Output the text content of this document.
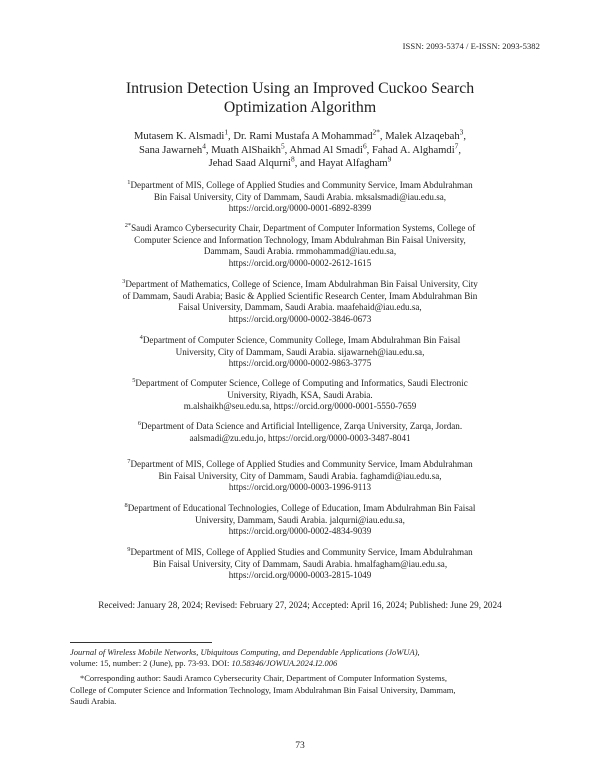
ISSN: 2093-5374 / E-ISSN: 2093-5382
Intrusion Detection Using an Improved Cuckoo Search
Optimization Algorithm
Mutasem K. Alsmadi$^1$, Dr. Rami Mustafa A Mohammad$^{2*}$, Malek Alzaqebah$^3$,
Sana Jawarneh$^4$, Muath AlShaikh$^5$, Ahmad Al Smadi$^6$, Fahad A. Alghamdi$^7$,
Jehad Saad Alqurni$^8$, and Hayat Alfagham$^9$
$^1$Department of MIS, College of Applied Studies and Community Service, Imam Abdulrahman
Bin Faisal University, City of Dammam, Saudi Arabia. mksalsmadi@iau.edu.sa,
https://orcid.org/0000-0001-6892-8399
$^{2*}$Saudi Aramco Cybersecurity Chair, Department of Computer Information Systems, College of
Computer Science and Information Technology, Imam Abdulrahman Bin Faisal University,
Dammam, Saudi Arabia. rmmohammad@iau.edu.sa,
https://orcid.org/0000-0002-2612-1615
$^3$Department of Mathematics, College of Science, Imam Abdulrahman Bin Faisal University, City
of Dammam, Saudi Arabia; Basic & Applied Scientific Research Center, Imam Abdulrahman Bin
Faisal University, Dammam, Saudi Arabia. maafehaid@iau.edu.sa,
https://orcid.org/0000-0002-3846-0673
$^4$Department of Computer Science, Community College, Imam Abdulrahman Bin Faisal
University, City of Dammam, Saudi Arabia. sijawarneh@iau.edu.sa,
https://orcid.org/0000-0002-9863-3775
$^5$Department of Computer Science, College of Computing and Informatics, Saudi Electronic
University, Riyadh, KSA, Saudi Arabia.
m.alshaikh@seu.edu.sa, https://orcid.org/0000-0001-5550-7659
$^6$Department of Data Science and Artificial Intelligence, Zarqa University, Zarqa, Jordan.
aalsmadi@zu.edu.jo, https://orcid.org/0000-0003-3487-8041
$^7$Department of MIS, College of Applied Studies and Community Service, Imam Abdulrahman
Bin Faisal University, City of Dammam, Saudi Arabia. faghamdi@iau.edu.sa,
https://orcid.org/0000-0003-1996-9113
$^8$Department of Educational Technologies, College of Education, Imam Abdulrahman Bin Faisal
University, Dammam, Saudi Arabia. jalqurni@iau.edu.sa,
https://orcid.org/0000-0002-4834-9039
$^9$Department of MIS, College of Applied Studies and Community Service, Imam Abdulrahman
Bin Faisal University, City of Dammam, Saudi Arabia. hmalfagham@iau.edu.sa,
https://orcid.org/0000-0003-2815-1049
Received: January 28, 2024; Revised: February 27, 2024; Accepted: April 16, 2024; Published: June 29, 2024
Journal of Wireless Mobile Networks, Ubiquitous Computing, and Dependable Applications (JoWUA),
volume: 15, number: 2 (June), pp. 73-93. DOI: 10.58346/JOWUA.2024.I2.006
*Corresponding author: Saudi Aramco Cybersecurity Chair, Department of Computer Information Systems,
College of Computer Science and Information Technology, Imam Abdulrahman Bin Faisal University, Dammam,
Saudi Arabia.
73
